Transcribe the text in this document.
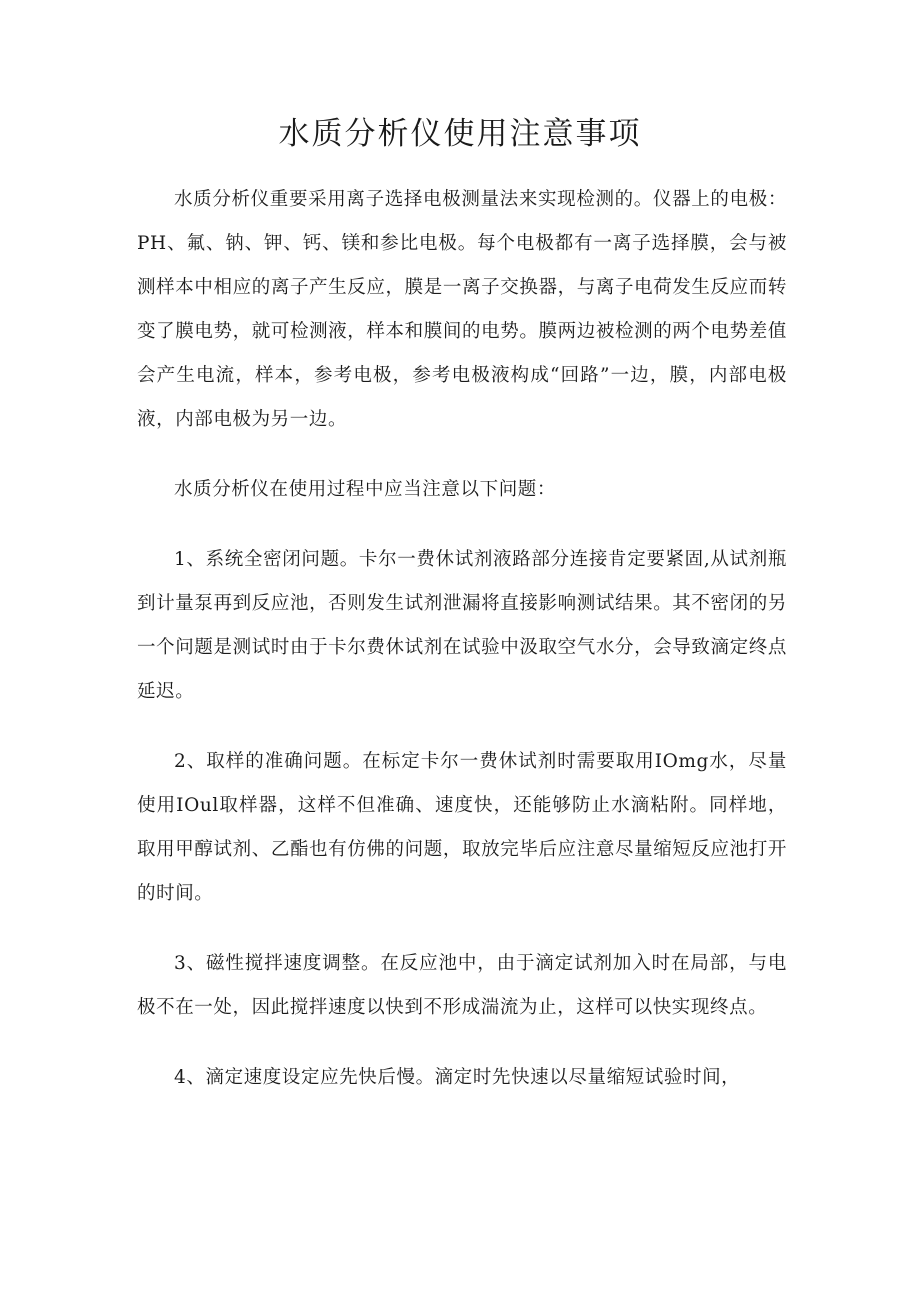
水质分析仪使用注意事项

水质分析仪重要采用离子选择电极测量法来实现检测的。仪器上的电极：PH、氟、钠、钾、钙、镁和参比电极。每个电极都有一离子选择膜，会与被测样本中相应的离子产生反应，膜是一离子交换器，与离子电荷发生反应而转变了膜电势，就可检测液，样本和膜间的电势。膜两边被检测的两个电势差值会产生电流，样本，参考电极，参考电极液构成“回路”一边，膜，内部电极液，内部电极为另一边。

水质分析仪在使用过程中应当注意以下问题：

1、系统全密闭问题。卡尔一费休试剂液路部分连接肯定要紧固,从试剂瓶到计量泵再到反应池，否则发生试剂泄漏将直接影响测试结果。其不密闭的另一个问题是测试时由于卡尔费休试剂在试验中汲取空气水分，会导致滴定终点延迟。

2、取样的准确问题。在标定卡尔一费休试剂时需要取用IOmg水，尽量使用IOul取样器，这样不但准确、速度快，还能够防止水滴粘附。同样地，取用甲醇试剂、乙酯也有仿佛的问题，取放完毕后应注意尽量缩短反应池打开的时间。

3、磁性搅拌速度调整。在反应池中，由于滴定试剂加入时在局部，与电极不在一处，因此搅拌速度以快到不形成湍流为止，这样可以快实现终点。

4、滴定速度设定应先快后慢。滴定时先快速以尽量缩短试验时间，
